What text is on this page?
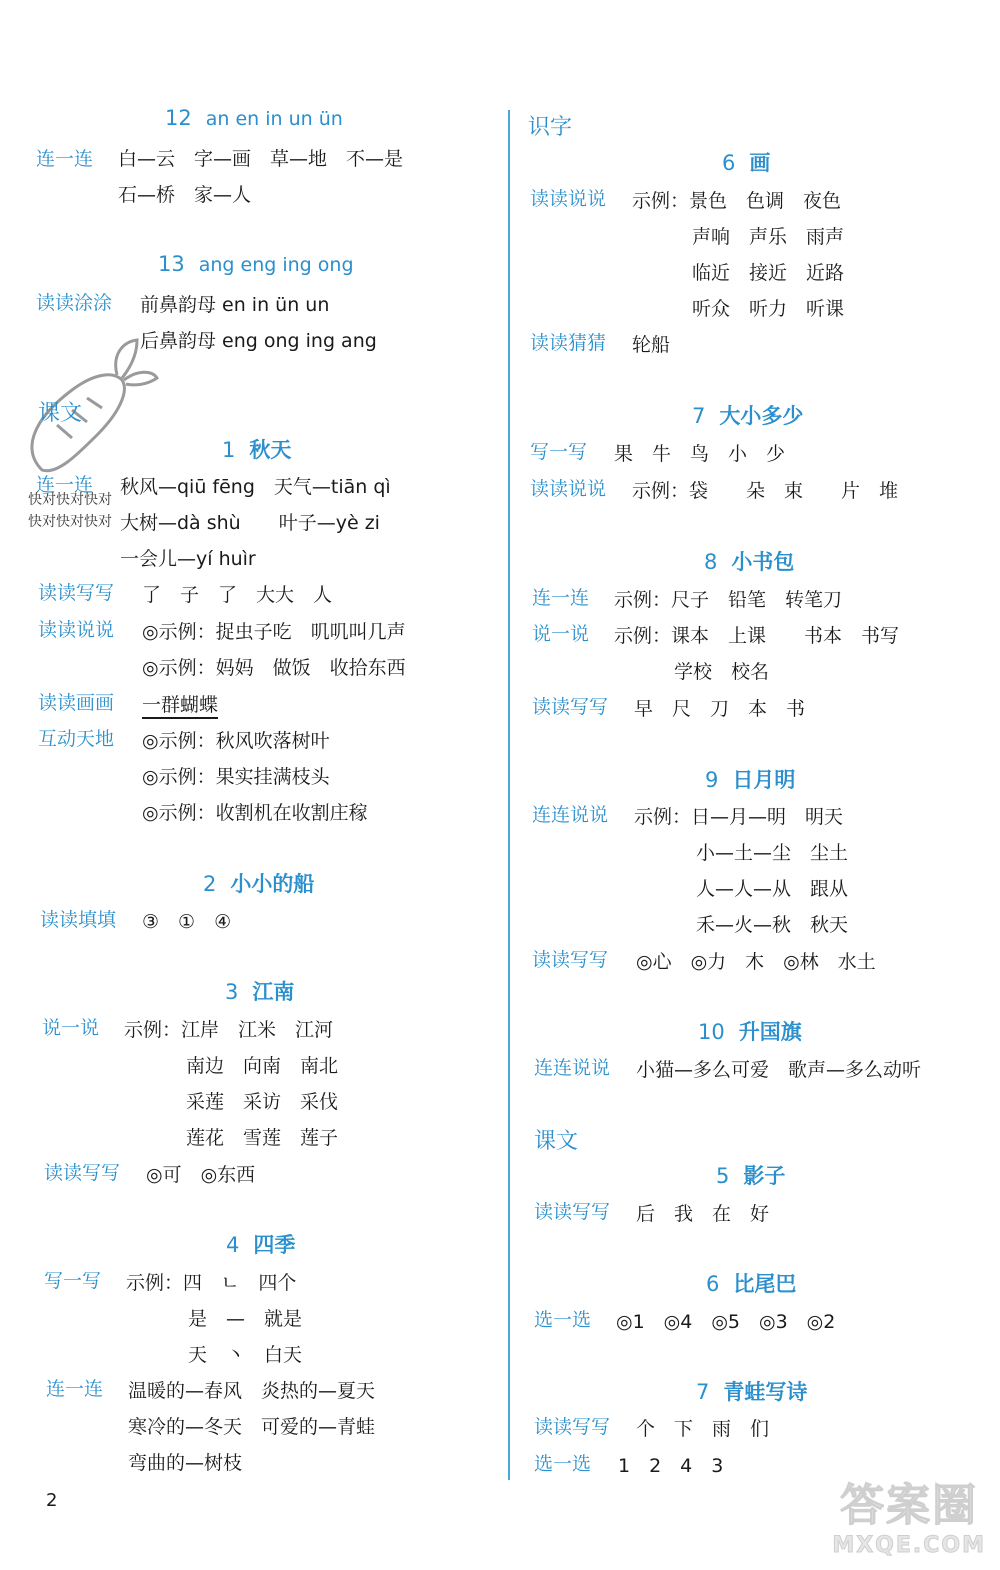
12 an en in un ün
连一连 白—云　字—画　草—地　不—是
石—桥　家—人
13 ang eng ing ong
读读涂涂 前鼻韵母 en in ün un
后鼻韵母 eng ong ing ang
课文
1 秋天
连一连 秋风—qiū fēng　天气—tiān qì
快对快对快对
快对快对快对 大树—dà shù　　叶子—yè zi
一会儿—yí huìr
读读写写 了　子　了　大大　人
读读说说 ◎示例：捉虫子吃　叽叽叫几声
◎示例：妈妈　做饭　收拾东西
读读画画 一群蝴蝶
互动天地 ◎示例：秋风吹落树叶
◎示例：果实挂满枝头
◎示例：收割机在收割庄稼
2 小小的船
读读填填 ③　①　④
3 江南
说一说 示例：江岸　江米　江河
南边　向南　南北
采莲　采访　采伐
莲花　雪莲　莲子
读读写写 ◎可　◎东西
4 四季
写一写 示例：四　ㄴ　四个
是　—　就是
天　丶　白天
连一连 温暖的—春风　炎热的—夏天
寒冷的—冬天　可爱的—青蛙
弯曲的—树枝
2
识字
6 画
读读说说 示例：景色　色调　夜色
声响　声乐　雨声
临近　接近　近路
听众　听力　听课
读读猜猜 轮船
7 大小多少
写一写 果　牛　鸟　小　少
读读说说 示例：袋　　朵　束　　片　堆
8 小书包
连一连 示例：尺子　铅笔　转笔刀
说一说 示例：课本　上课　　书本　书写
学校　校名
读读写写 早　尺　刀　本　书
9 日月明
连连说说 示例：日—月—明　明天
小—土—尘　尘土
人—人—从　跟从
禾—火—秋　秋天
读读写写 ◎心　◎力　木　◎林　水土
10 升国旗
连连说说 小猫—多么可爱　歌声—多么动听
课文
5 影子
读读写写 后　我　在　好
6 比尾巴
选一选 ◎1　◎4　◎5　◎3　◎2
7 青蛙写诗
读读写写 个　下　雨　们
选一选 1　2　4　3
答案圈
MXQE.COM
